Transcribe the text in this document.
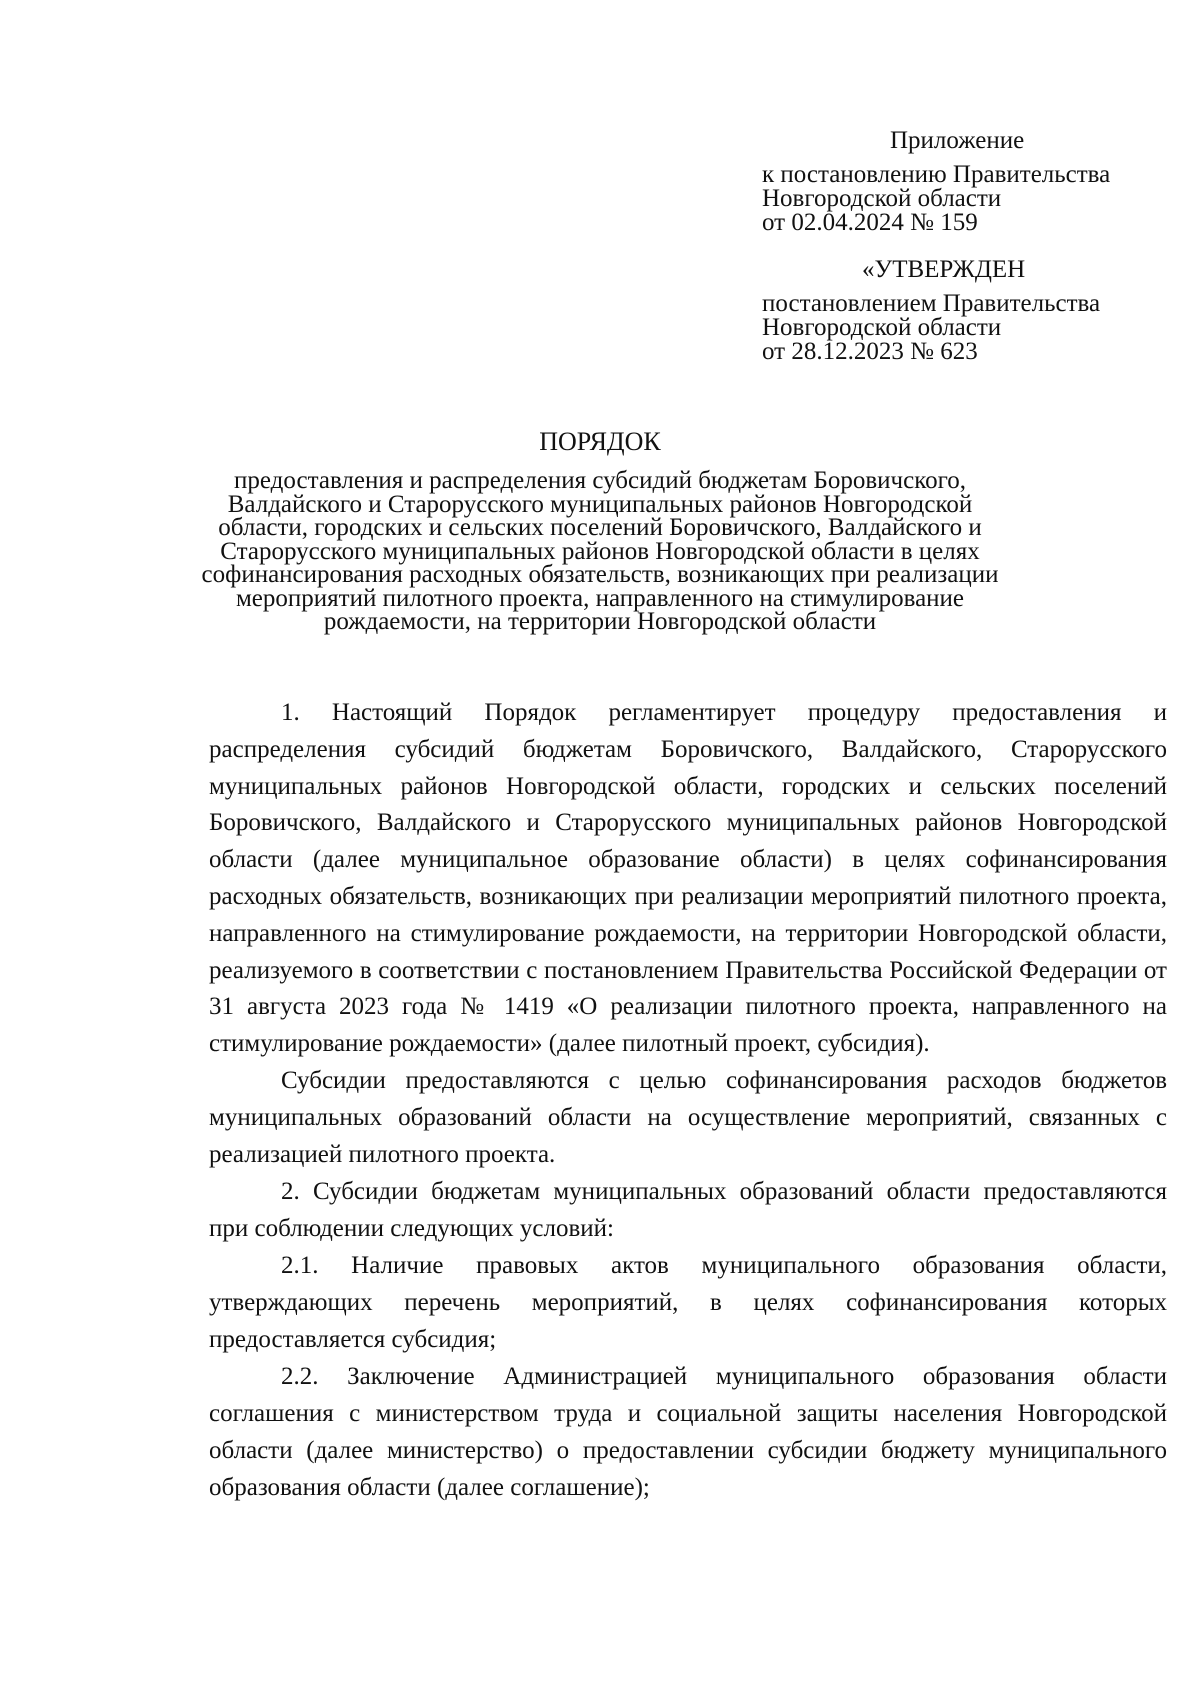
Приложение
к постановлению Правительства
Новгородской области
от 02.04.2024 № 159
«УТВЕРЖДЕН
постановлением Правительства
Новгородской области
от 28.12.2023 № 623
ПОРЯДОК
предоставления и распределения субсидий бюджетам Боровичского,
Валдайского и Старорусского муниципальных районов Новгородской
области, городских и сельских поселений Боровичского, Валдайского и
Старорусского муниципальных районов Новгородской области в целях
софинансирования расходных обязательств, возникающих при реализации
мероприятий пилотного проекта, направленного на стимулирование
рождаемости, на территории Новгородской области

1. Настоящий Порядок регламентирует процедуру предоставления и распределения субсидий бюджетам Боровичского, Валдайского, Старорусского муниципальных районов Новгородской области, городских и сельских поселений Боровичского, Валдайского и Старорусского муниципальных районов Новгородской области (далее муниципальное образование области) в целях софинансирования расходных обязательств, возникающих при реализации мероприятий пилотного проекта, направленного на стимулирование рождаемости, на территории Новгородской области, реализуемого в соответствии с постановлением Правительства Российской Федерации от 31 августа 2023 года № 1419 «О реализации пилотного проекта, направленного на стимулирование рождаемости» (далее пилотный проект, субсидия).

Субсидии предоставляются с целью софинансирования расходов бюджетов муниципальных образований области на осуществление мероприятий, связанных с реализацией пилотного проекта.

2. Субсидии бюджетам муниципальных образований области предоставляются при соблюдении следующих условий:

2.1. Наличие правовых актов муниципального образования области, утверждающих перечень мероприятий, в целях софинансирования которых предоставляется субсидия;

2.2. Заключение Администрацией муниципального образования области соглашения с министерством труда и социальной защиты населения Новгородской области (далее министерство) о предоставлении субсидии бюджету муниципального образования области (далее соглашение);
